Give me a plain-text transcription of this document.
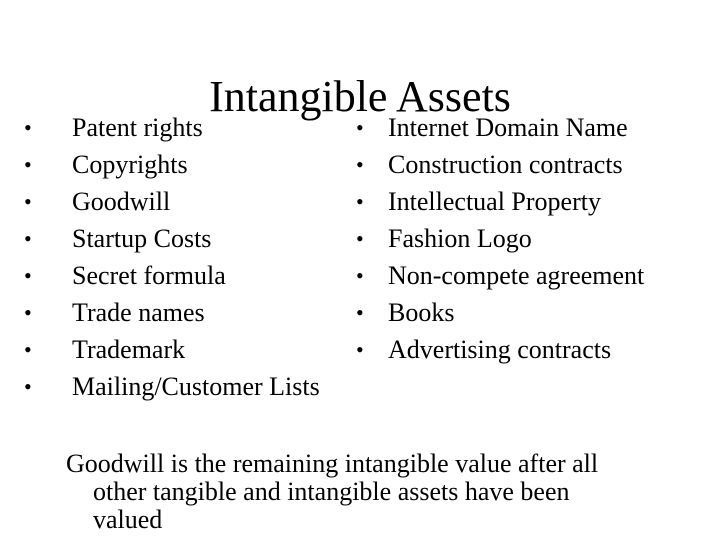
Intangible Assets
• Patent rights
• Copyrights
• Goodwill
• Startup Costs
• Secret formula
• Trade names
• Trademark
• Mailing/Customer Lists
• Internet Domain Name
• Construction contracts
• Intellectual Property
• Fashion Logo
• Non-compete agreement
• Books
• Advertising contracts
Goodwill is the remaining intangible value after all
other tangible and intangible assets have been
valued
